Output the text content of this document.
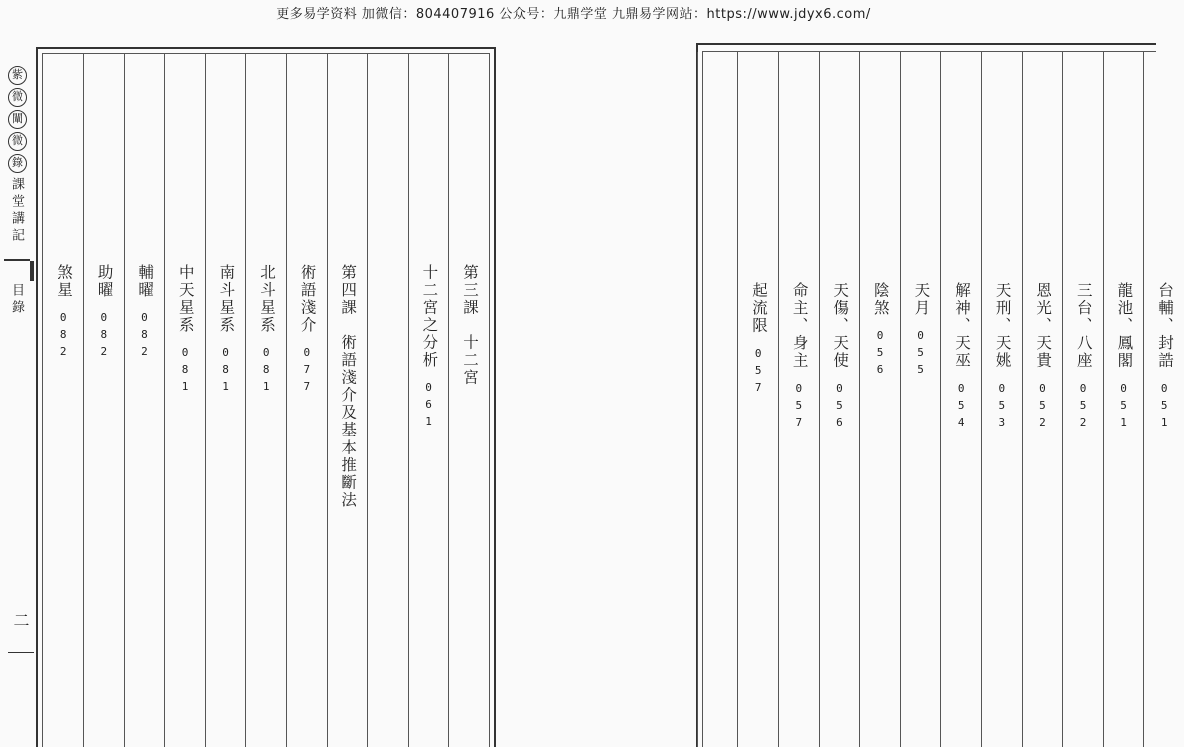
更多易学资料 加微信：804407916 公众号：九鼎学堂 九鼎易学网站：https://www.jdyx6.com/
紫
微
闡
微
錄
課堂講記
目錄
二
第三課　十二宮
十二宮之分析
061
第四課　術語淺介及基本推斷法
術語淺介
077
北斗星系
081
南斗星系
081
中天星系
081
輔曜
082
助曜
082
煞星
082	台輔、封誥
051
龍池、鳳閣
051
三台、八座
052
恩光、天貴
052
天刑、天姚
053
解神、天巫
054
天月
055
陰煞
056
天傷、天使
056
命主、身主
057
起流限
057
